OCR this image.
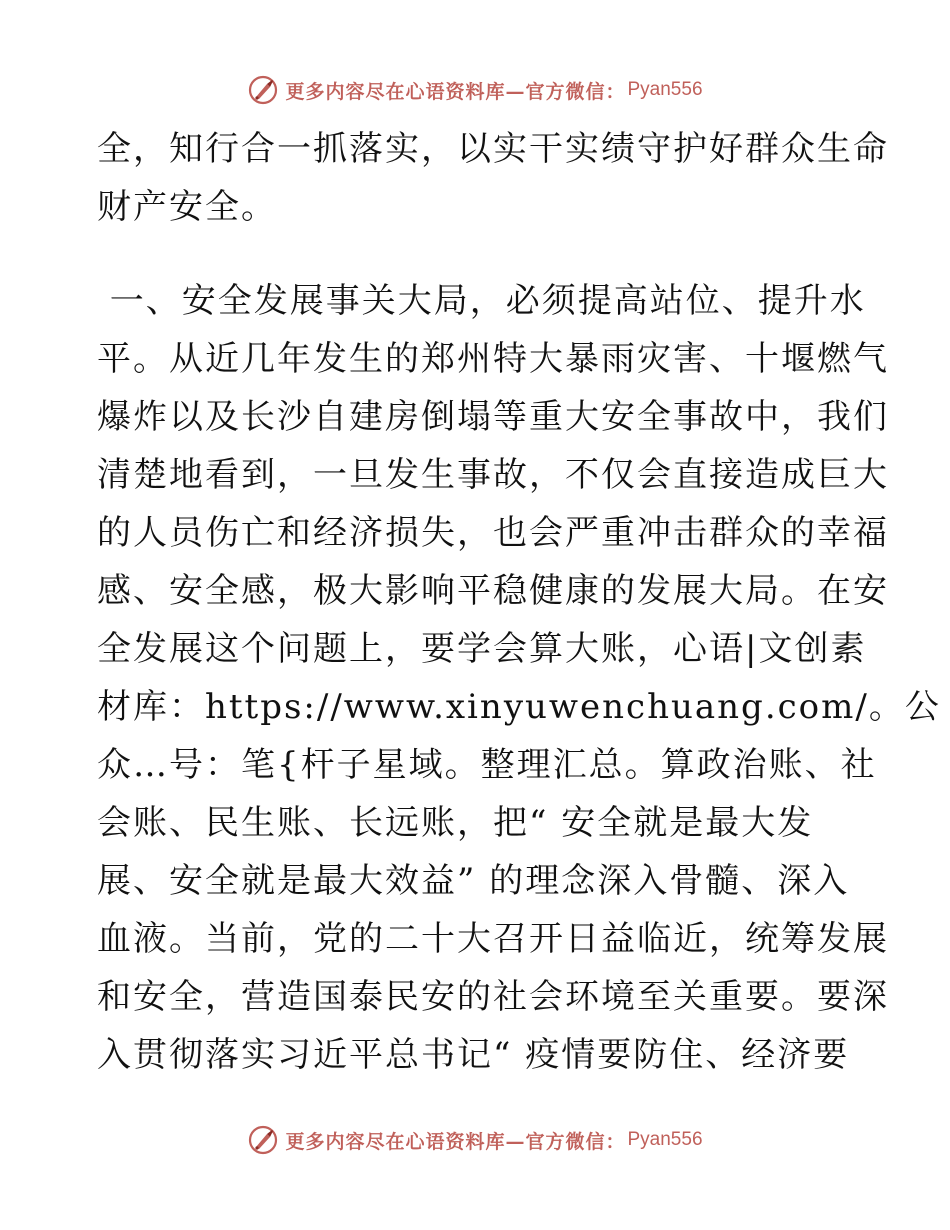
更多内容尽在心语资料库—官方微信： Pyan556
全，知行合一抓落实，以实干实绩守护好群众生命
财产安全。
一、安全发展事关大局，必须提高站位、提升水
平。从近几年发生的郑州特大暴雨灾害、十堰燃气
爆炸以及长沙自建房倒塌等重大安全事故中，我们
清楚地看到，一旦发生事故，不仅会直接造成巨大
的人员伤亡和经济损失，也会严重冲击群众的幸福
感、安全感，极大影响平稳健康的发展大局。在安
全发展这个问题上，要学会算大账，心语|文创素
材库：https://www.xinyuwenchuang.com/。公
众…号：笔{杆子星域。整理汇总。算政治账、社
会账、民生账、长远账，把“ 安全就是最大发
展、安全就是最大效益” 的理念深入骨髓、深入
血液。当前，党的二十大召开日益临近，统筹发展
和安全，营造国泰民安的社会环境至关重要。要深
入贯彻落实习近平总书记“ 疫情要防住、经济要
更多内容尽在心语资料库—官方微信： Pyan556
